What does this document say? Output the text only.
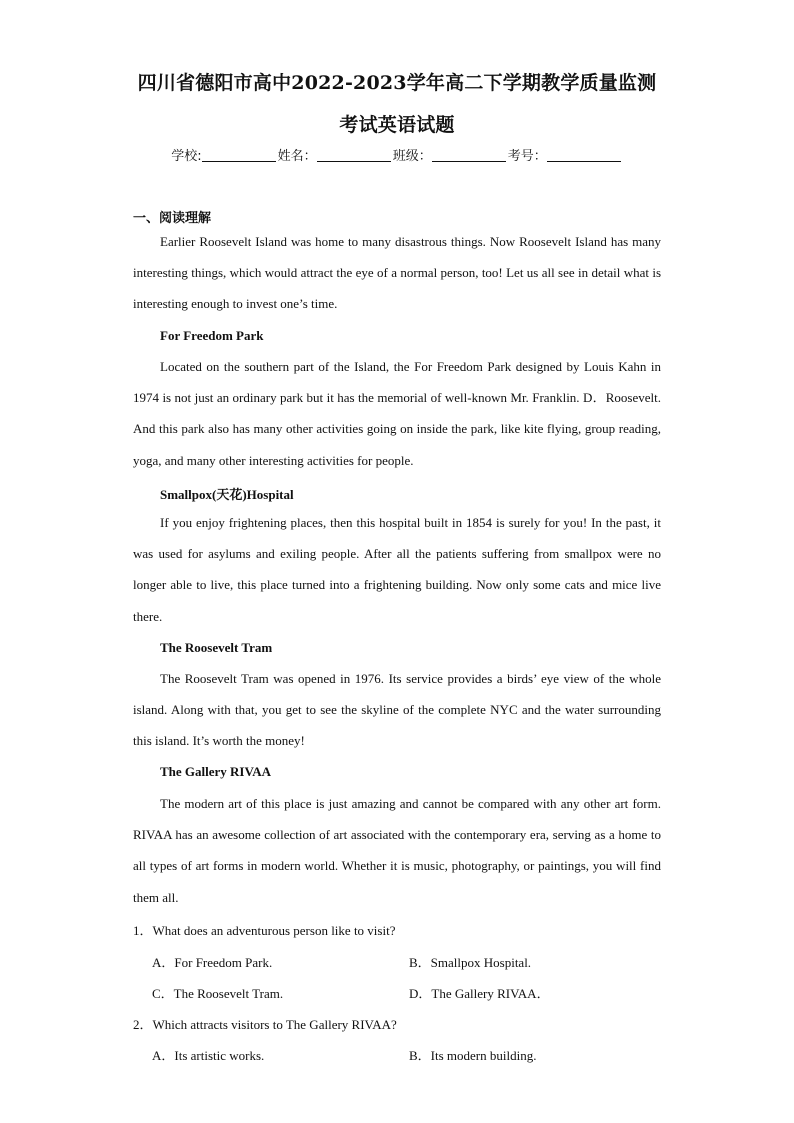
四川省德阳市高中2022-2023学年高二下学期教学质量监测
考试英语试题
学校:	姓名：	班级：	考号：
一、阅读理解

Earlier Roosevelt Island was home to many disastrous things. Now Roosevelt Island has many interesting things, which would attract the eye of a normal person, too! Let us all see in detail what is interesting enough to invest one’s time.

For Freedom Park

Located on the southern part of the Island, the For Freedom Park designed by Louis Kahn in 1974 is not just an ordinary park but it has the memorial of well-known Mr. Franklin. D．Roosevelt. And this park also has many other activities going on inside the park, like kite flying, group reading, yoga, and many other interesting activities for people.

Smallpox(天花)Hospital

If you enjoy frightening places, then this hospital built in 1854 is surely for you! In the past, it was used for asylums and exiling people. After all the patients suffering from smallpox were no longer able to live, this place turned into a frightening building. Now only some cats and mice live there.

The Roosevelt Tram

The Roosevelt Tram was opened in 1976. Its service provides a birds’ eye view of the whole island. Along with that, you get to see the skyline of the complete NYC and the water surrounding this island. It’s worth the money!

The Gallery RIVAA

The modern art of this place is just amazing and cannot be compared with any other art form. RIVAA has an awesome collection of art associated with the contemporary era, serving as a home to all types of art forms in modern world. Whether it is music, photography, or paintings, you will find them all.

1．What does an adventurous person like to visit?
A．For Freedom Park.	B．Smallpox Hospital.
C．The Roosevelt Tram.	D．The Gallery RIVAA．
2．Which attracts visitors to The Gallery RIVAA?
A．Its artistic works.	B．Its modern building.
